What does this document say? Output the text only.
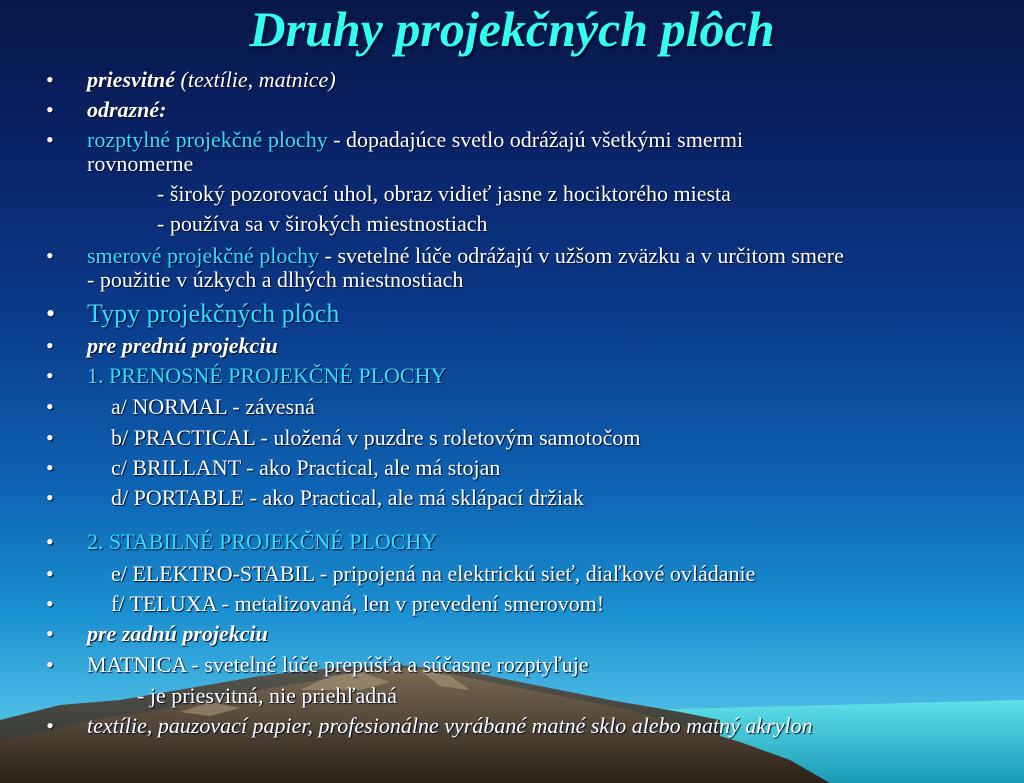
Druhy projekčných plôch
• priesvitné (textílie, matnice)
• odrazné:
• rozptylné projekčné plochy - dopadajúce svetlo odrážajú všetkými smermi
rovnomerne
- široký pozorovací uhol, obraz vidieť jasne z hociktorého miesta
- používa sa v širokých miestnostiach
• smerové projekčné plochy - svetelné lúče odrážajú v užšom zväzku a v určitom smere
- použitie v úzkych a dlhých miestnostiach
• Typy projekčných plôch
• pre prednú projekciu
• 1. PRENOSNÉ PROJEKČNÉ PLOCHY
•	a/ NORMAL - závesná
•	b/ PRACTICAL - uložená v puzdre s roletovým samotočom
•	c/ BRILLANT - ako Practical, ale má stojan
•	d/ PORTABLE - ako Practical, ale má sklápací držiak
• 2. STABILNÉ PROJEKČNÉ PLOCHY
•	e/ ELEKTRO-STABIL - pripojená na elektrickú sieť, diaľkové ovládanie
•	f/ TELUXA - metalizovaná, len v prevedení smerovom!
• pre zadnú projekciu
• MATNICA - svetelné lúče prepúšťa a súčasne rozptyľuje
- je priesvitná, nie priehľadná
• textílie, pauzovací papier, profesionálne vyrábané matné sklo alebo matný akrylon
